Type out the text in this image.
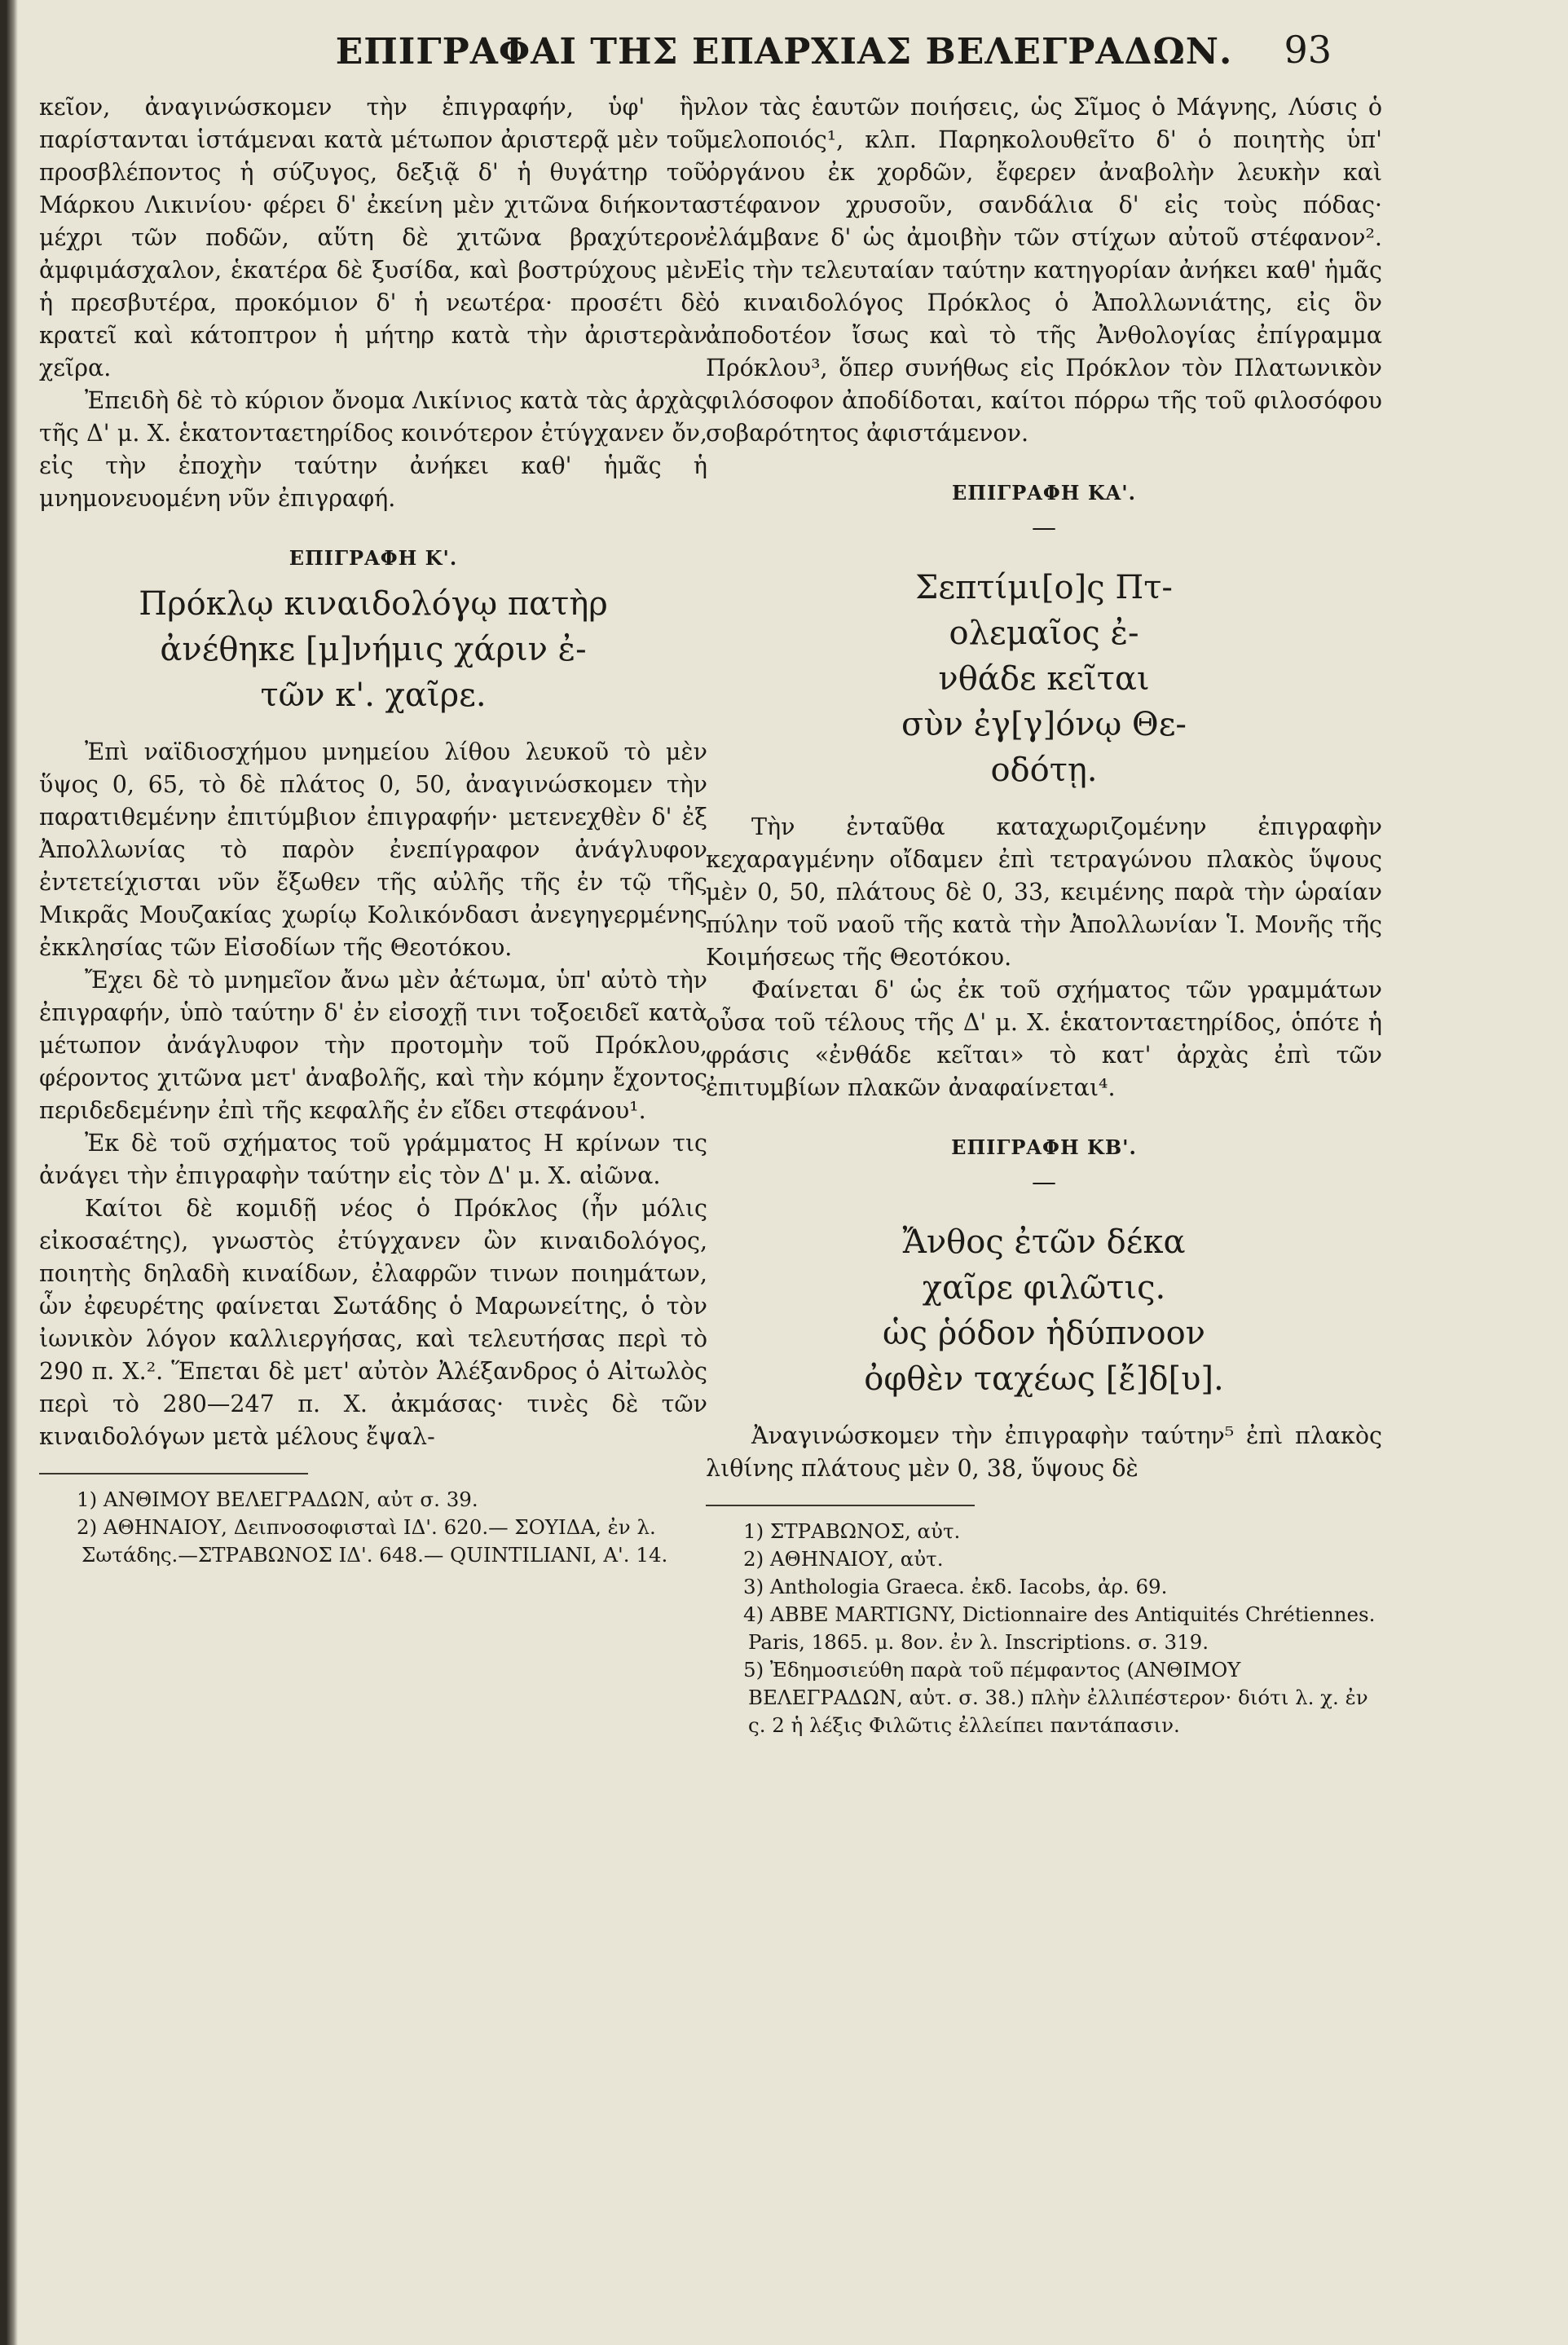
ΕΠΙΓΡΑΦΑΙ ΤΗΣ ΕΠΑΡΧΙΑΣ ΒΕΛΕΓΡΑΔΩΝ.	93

κεῖον, ἀναγινώσκομεν τὴν ἐπιγραφήν, ὑφ' ἣν παρίστανται ἱστάμεναι κατὰ μέτωπον ἀριστερᾷ μὲν τοῦ προσβλέποντος ἡ σύζυγος, δεξιᾷ δ' ἡ θυγάτηρ τοῦ Μάρκου Λικινίου· φέρει δ' ἐκείνη μὲν χιτῶνα διήκοντα μέχρι τῶν ποδῶν, αὕτη δὲ χιτῶνα βραχύτερον ἀμφιμάσχαλον, ἑκατέρα δὲ ξυσίδα, καὶ βοστρύχους μὲν ἡ πρεσβυτέρα, προκόμιον δ' ἡ νεωτέρα· προσέτι δὲ κρατεῖ καὶ κάτοπτρον ἡ μήτηρ κατὰ τὴν ἀριστερὰν χεῖρα.

Ἐπειδὴ δὲ τὸ κύριον ὄνομα Λικίνιος κατὰ τὰς ἀρχὰς τῆς Δ' μ. Χ. ἑκατονταετηρίδος κοινότερον ἐτύγχανεν ὄν, εἰς τὴν ἐποχὴν ταύτην ἀνήκει καθ' ἡμᾶς ἡ μνημονευομένη νῦν ἐπιγραφή.

ΕΠΙΓΡΑΦΗ Κ'.
Πρόκλῳ κιναιδολόγῳ πατὴρ
ἀνέθηκε [μ]νήμις χάριν ἐ-
τῶν κ'. χαῖρε.

Ἐπὶ ναϊδιοσχήμου μνημείου λίθου λευκοῦ τὸ μὲν ὕψος 0, 65, τὸ δὲ πλάτος 0, 50, ἀναγινώσκομεν τὴν παρατιθεμένην ἐπιτύμβιον ἐπιγραφήν· μετενεχθὲν δ' ἐξ Ἀπολλωνίας τὸ παρὸν ἐνεπίγραφον ἀνάγλυφον ἐντετείχισται νῦν ἔξωθεν τῆς αὐλῆς τῆς ἐν τῷ τῆς Μικρᾶς Μουζακίας χωρίῳ Κολικόνδασι ἀνεγηγερμένης ἐκκλησίας τῶν Εἰσοδίων τῆς Θεοτόκου.

Ἔχει δὲ τὸ μνημεῖον ἄνω μὲν ἀέτωμα, ὑπ' αὐτὸ τὴν ἐπιγραφήν, ὑπὸ ταύτην δ' ἐν εἰσοχῇ τινι τοξοειδεῖ κατὰ μέτωπον ἀνάγλυφον τὴν προτομὴν τοῦ Πρόκλου, φέροντος χιτῶνα μετ' ἀναβολῆς, καὶ τὴν κόμην ἔχοντος περιδεδεμένην ἐπὶ τῆς κεφαλῆς ἐν εἴδει στεφάνου¹.

Ἐκ δὲ τοῦ σχήματος τοῦ γράμματος Η κρίνων τις ἀνάγει τὴν ἐπιγραφὴν ταύτην εἰς τὸν Δ' μ. Χ. αἰῶνα.

Καίτοι δὲ κομιδῇ νέος ὁ Πρόκλος (ἦν μόλις εἰκοσαέτης), γνωστὸς ἐτύγχανεν ὢν κιναιδολόγος, ποιητὴς δηλαδὴ κιναίδων, ἐλαφρῶν τινων ποιημάτων, ὧν ἐφευρέτης φαίνεται Σωτάδης ὁ Μαρωνείτης, ὁ τὸν ἰωνικὸν λόγον καλλιεργήσας, καὶ τελευτήσας περὶ τὸ 290 π. Χ.². Ἕπεται δὲ μετ' αὐτὸν Ἀλέξανδρος ὁ Αἰτωλὸς περὶ τὸ 280—247 π. Χ. ἀκμάσας· τινὲς δὲ τῶν κιναιδολόγων μετὰ μέλους ἔψαλ-

1) ΑΝΘΙΜΟΥ ΒΕΛΕΓΡΑΔΩΝ, αὐτ σ. 39.

2) ΑΘΗΝΑΙΟΥ, Δειπνοσοφισταὶ ΙΔ'. 620.— ΣΟΥΙΔΑ, ἐν λ. Σωτάδης.—ΣΤΡΑΒΩΝΟΣ ΙΔ'. 648.— QUINTILIANI, Α'. 14.

λον τὰς ἑαυτῶν ποιήσεις, ὡς Σῖμος ὁ Μάγνης, Λύσις ὁ μελοποιός¹, κλπ. Παρηκολουθεῖτο δ' ὁ ποιητὴς ὑπ' ὀργάνου ἐκ χορδῶν, ἔφερεν ἀναβολὴν λευκὴν καὶ στέφανον χρυσοῦν, σανδάλια δ' εἰς τοὺς πόδας· ἐλάμβανε δ' ὡς ἀμοιβὴν τῶν στίχων αὐτοῦ στέφανον². Εἰς τὴν τελευταίαν ταύτην κατηγορίαν ἀνήκει καθ' ἡμᾶς ὁ κιναιδολόγος Πρόκλος ὁ Ἀπολλωνιάτης, εἰς ὃν ἀποδοτέον ἴσως καὶ τὸ τῆς Ἀνθολογίας ἐπίγραμμα Πρόκλου³, ὅπερ συνήθως εἰς Πρόκλον τὸν Πλατωνικὸν φιλόσοφον ἀποδίδοται, καίτοι πόρρω τῆς τοῦ φιλοσόφου σοβαρότητος ἀφιστάμενον.

ΕΠΙΓΡΑΦΗ ΚΑ'.
—
Σεπτίμι[ο]ς Πτ-
ολεμαῖος ἐ-
νθάδε κεῖται
σὺν ἐγ[γ]όνῳ Θε-
οδότῃ.

Τὴν ἐνταῦθα καταχωριζομένην ἐπιγραφὴν κεχαραγμένην οἴδαμεν ἐπὶ τετραγώνου πλακὸς ὕψους μὲν 0, 50, πλάτους δὲ 0, 33, κειμένης παρὰ τὴν ὡραίαν πύλην τοῦ ναοῦ τῆς κατὰ τὴν Ἀπολλωνίαν Ἱ. Μονῆς τῆς Κοιμήσεως τῆς Θεοτόκου.

Φαίνεται δ' ὡς ἐκ τοῦ σχήματος τῶν γραμμάτων οὖσα τοῦ τέλους τῆς Δ' μ. Χ. ἑκατονταετηρίδος, ὁπότε ἡ φράσις «ἐνθάδε κεῖται» τὸ κατ' ἀρχὰς ἐπὶ τῶν ἐπιτυμβίων πλακῶν ἀναφαίνεται⁴.

ΕΠΙΓΡΑΦΗ ΚΒ'.
—
Ἄνθος ἐτῶν δέκα
χαῖρε φιλῶτις.
ὡς ῥόδον ἡδύπνοον
ὀφθὲν ταχέως [ἔ]δ[υ].

Ἀναγινώσκομεν τὴν ἐπιγραφὴν ταύτην⁵ ἐπὶ πλακὸς λιθίνης πλάτους μὲν 0, 38, ὕψους δὲ

1) ΣΤΡΑΒΩΝΟΣ, αὐτ.

2) ΑΘΗΝΑΙΟΥ, αὐτ.

3) Anthologia Graeca. ἐκδ. Iacobs, ἀρ. 69.

4) ABBE MARTIGNY, Dictionnaire des Antiquités Chrétiennes. Paris, 1865. μ. 8ον. ἐν λ. Inscriptions. σ. 319.

5) Ἐδημοσιεύθη παρὰ τοῦ πέμφαντος (ΑΝΘΙΜΟΥ ΒΕΛΕΓΡΑΔΩΝ, αὐτ. σ. 38.) πλὴν ἐλλιπέστερον· διότι λ. χ. ἐν ς. 2 ἡ λέξις Φιλῶτις ἐλλείπει παντάπασιν.
